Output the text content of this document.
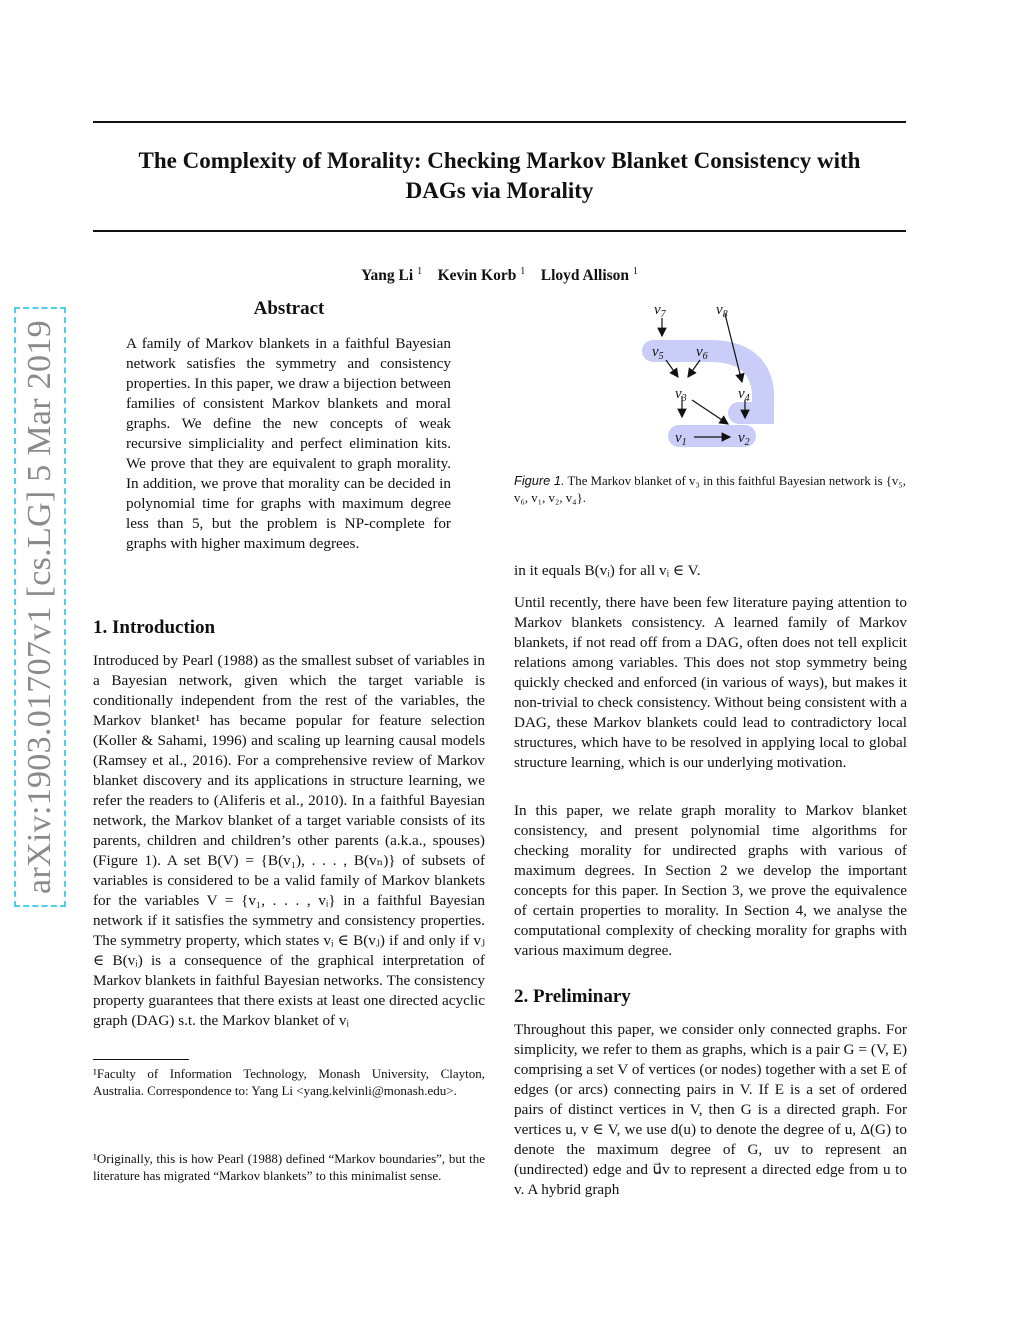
The Complexity of Morality: Checking Markov Blanket Consistency with
DAGs via Morality
Yang Li $^1$ Kevin Korb $^1$ Lloyd Allison $^1$
arXiv:1903.01707v1 [cs.LG] 5 Mar 2019
Abstract

A family of Markov blankets in a faithful Bayesian network satisfies the symmetry and consistency properties. In this paper, we draw a bijection between families of consistent Markov blankets and moral graphs. We define the new concepts of weak recursive simpliciality and perfect elimination kits. We prove that they are equivalent to graph morality. In addition, we prove that morality can be decided in polynomial time for graphs with maximum degree less than 5, but the problem is NP-complete for graphs with higher maximum degrees.

1. Introduction

Introduced by Pearl (1988) as the smallest subset of variables in a Bayesian network, given which the target variable is conditionally independent from the rest of the variables, the Markov blanket¹ has became popular for feature selection (Koller & Sahami, 1996) and scaling up learning causal models (Ramsey et al., 2016). For a comprehensive review of Markov blanket discovery and its applications in structure learning, we refer the readers to (Aliferis et al., 2010). In a faithful Bayesian network, the Markov blanket of a target variable consists of its parents, children and children’s other parents (a.k.a., spouses) (Figure 1). A set B(V) = {B(v₁), . . . , B(vₙ)} of subsets of variables is considered to be a valid family of Markov blankets for the variables V = {v₁, . . . , vᵢ} in a faithful Bayesian network if it satisfies the symmetry and consistency properties. The symmetry property, which states vᵢ ∈ B(vⱼ) if and only if vⱼ ∈ B(vᵢ) is a consequence of the graphical interpretation of Markov blankets in faithful Bayesian networks. The consistency property guarantees that there exists at least one directed acyclic graph (DAG) s.t. the Markov blanket of vᵢ

¹Faculty of Information Technology, Monash University, Clayton, Australia. Correspondence to: Yang Li <yang.kelvinli@monash.edu>.

¹Originally, this is how Pearl (1988) defined “Markov boundaries”, but the literature has migrated “Markov blankets” to this minimalist sense.

$v_7$	$v_8$
$v_5$ $v_6$
$v_3$	$v_4$
$v_1$	$v_2$

Figure 1. The Markov blanket of v₃ in this faithful Bayesian network is {v₅, v₆, v₁, v₂, v₄}.

in it equals B(vᵢ) for all vᵢ ∈ V.

Until recently, there have been few literature paying attention to Markov blankets consistency. A learned family of Markov blankets, if not read off from a DAG, often does not tell explicit relations among variables. This does not stop symmetry being quickly checked and enforced (in various of ways), but makes it non-trivial to check consistency. Without being consistent with a DAG, these Markov blankets could lead to contradictory local structures, which have to be resolved in applying local to global structure learning, which is our underlying motivation.

In this paper, we relate graph morality to Markov blanket consistency, and present polynomial time algorithms for checking morality for undirected graphs with various of maximum degrees. In Section 2 we develop the important concepts for this paper. In Section 3, we prove the equivalence of certain properties to morality. In Section 4, we analyse the computational complexity of checking morality for graphs with various maximum degree.

2. Preliminary

Throughout this paper, we consider only connected graphs. For simplicity, we refer to them as graphs, which is a pair G = (V, E) comprising a set V of vertices (or nodes) together with a set E of edges (or arcs) connecting pairs in V. If E is a set of ordered pairs of distinct vertices in V, then G is a directed graph. For vertices u, v ∈ V, we use d(u) to denote the degree of u, Δ(G) to denote the maximum degree of G, uv to represent an (undirected) edge and u⃗v to represent a directed edge from u to v. A hybrid graph
